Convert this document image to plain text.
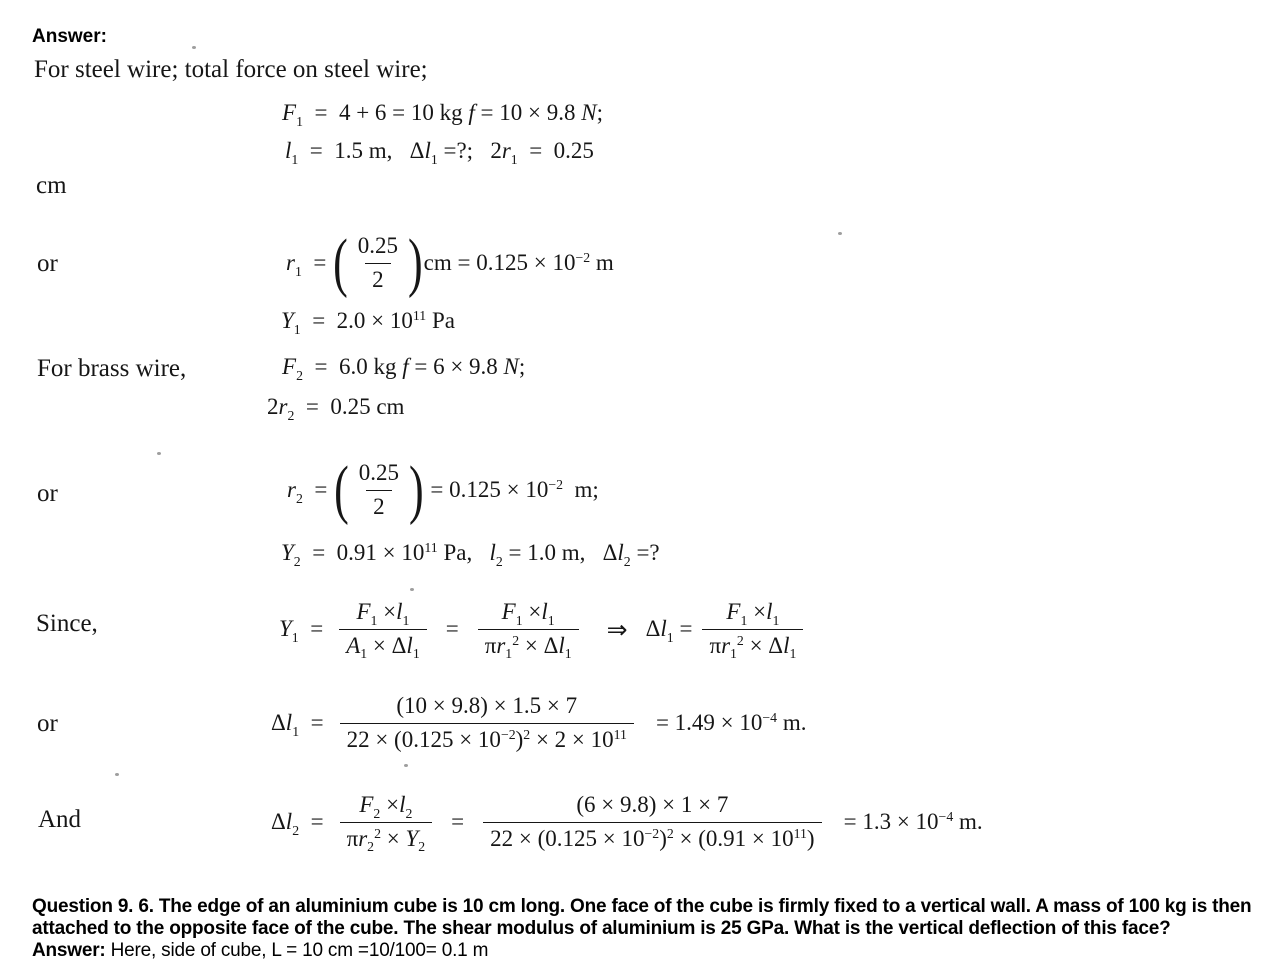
Answer:
For steel wire; total force on steel wire;
$F_1 = 4 + 6 = 10$ kg f = 10 × 9.8 N;
$l_1 = 1.5$ m,   $\Delta l_1$ =?;   $2r_1 = 0.25$
cm
or	$r_1$  = ( $\frac{0.25}{2}$ ) cm = $0.125 \times 10^{-2}$ m
$Y_1 = 2.0 \times 10^{11}$ Pa
For brass wire,	$F_2 = 6.0$ kg f = 6 × 9.8 N;
$2r_2 = 0.25$ cm
or	$r_2$  = ( $\frac{0.25}{2}$ ) = $0.125 \times 10^{-2}$  m;
$Y_2 = 0.91 \times 10^{11}$ Pa,   $l_2 = 1.0$ m,   $\Delta l_2$ =?
Since,	$Y_1 = \frac{F_1 \times l_1}{A_1 \times \Delta l_1} = \frac{F_1 \times l_1}{\pi r_1^2 \times \Delta l_1}$ ⇒ $\Delta l_1 = \frac{F_1 \times l_1}{\pi r_1^2 \times \Delta l_1}$
or	$\Delta l_1 = \frac{(10 \times 9.8) \times 1.5 \times 7}{22 \times (0.125 \times 10^{-2})^2 \times 2 \times 10^{11}} = 1.49 \times 10^{-4}$ m.
And	$\Delta l_2 = \frac{F_2 \times l_2}{\pi r_2^2 \times Y_2} = \frac{(6 \times 9.8) \times 1 \times 7}{22 \times (0.125 \times 10^{-2})^2 \times (0.91 \times 10^{11})} = 1.3 \times 10^{-4}$ m.
Question 9. 6. The edge of an aluminium cube is 10 cm long. One face of the cube is firmly fixed to a vertical wall. A mass of 100 kg is then attached to the opposite face of the cube. The shear modulus of aluminium is 25 GPa. What is the vertical deflection of this face?
Answer: Here, side of cube, L = 10 cm =10/100= 0.1 m
